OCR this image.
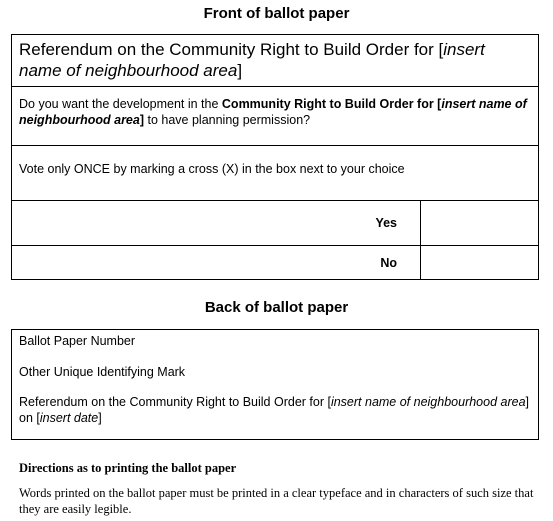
Front of ballot paper
Referendum on the Community Right to Build Order for [insert name of neighbourhood area]
Do you want the development in the Community Right to Build Order for [insert name of neighbourhood area] to have planning permission?
Vote only ONCE by marking a cross (X) in the box next to your choice
Yes
No
Back of ballot paper
Ballot Paper Number
Other Unique Identifying Mark
Referendum on the Community Right to Build Order for [insert name of neighbourhood area] on [insert date]
Directions as to printing the ballot paper
Words printed on the ballot paper must be printed in a clear typeface and in characters of such size that they are easily legible.
